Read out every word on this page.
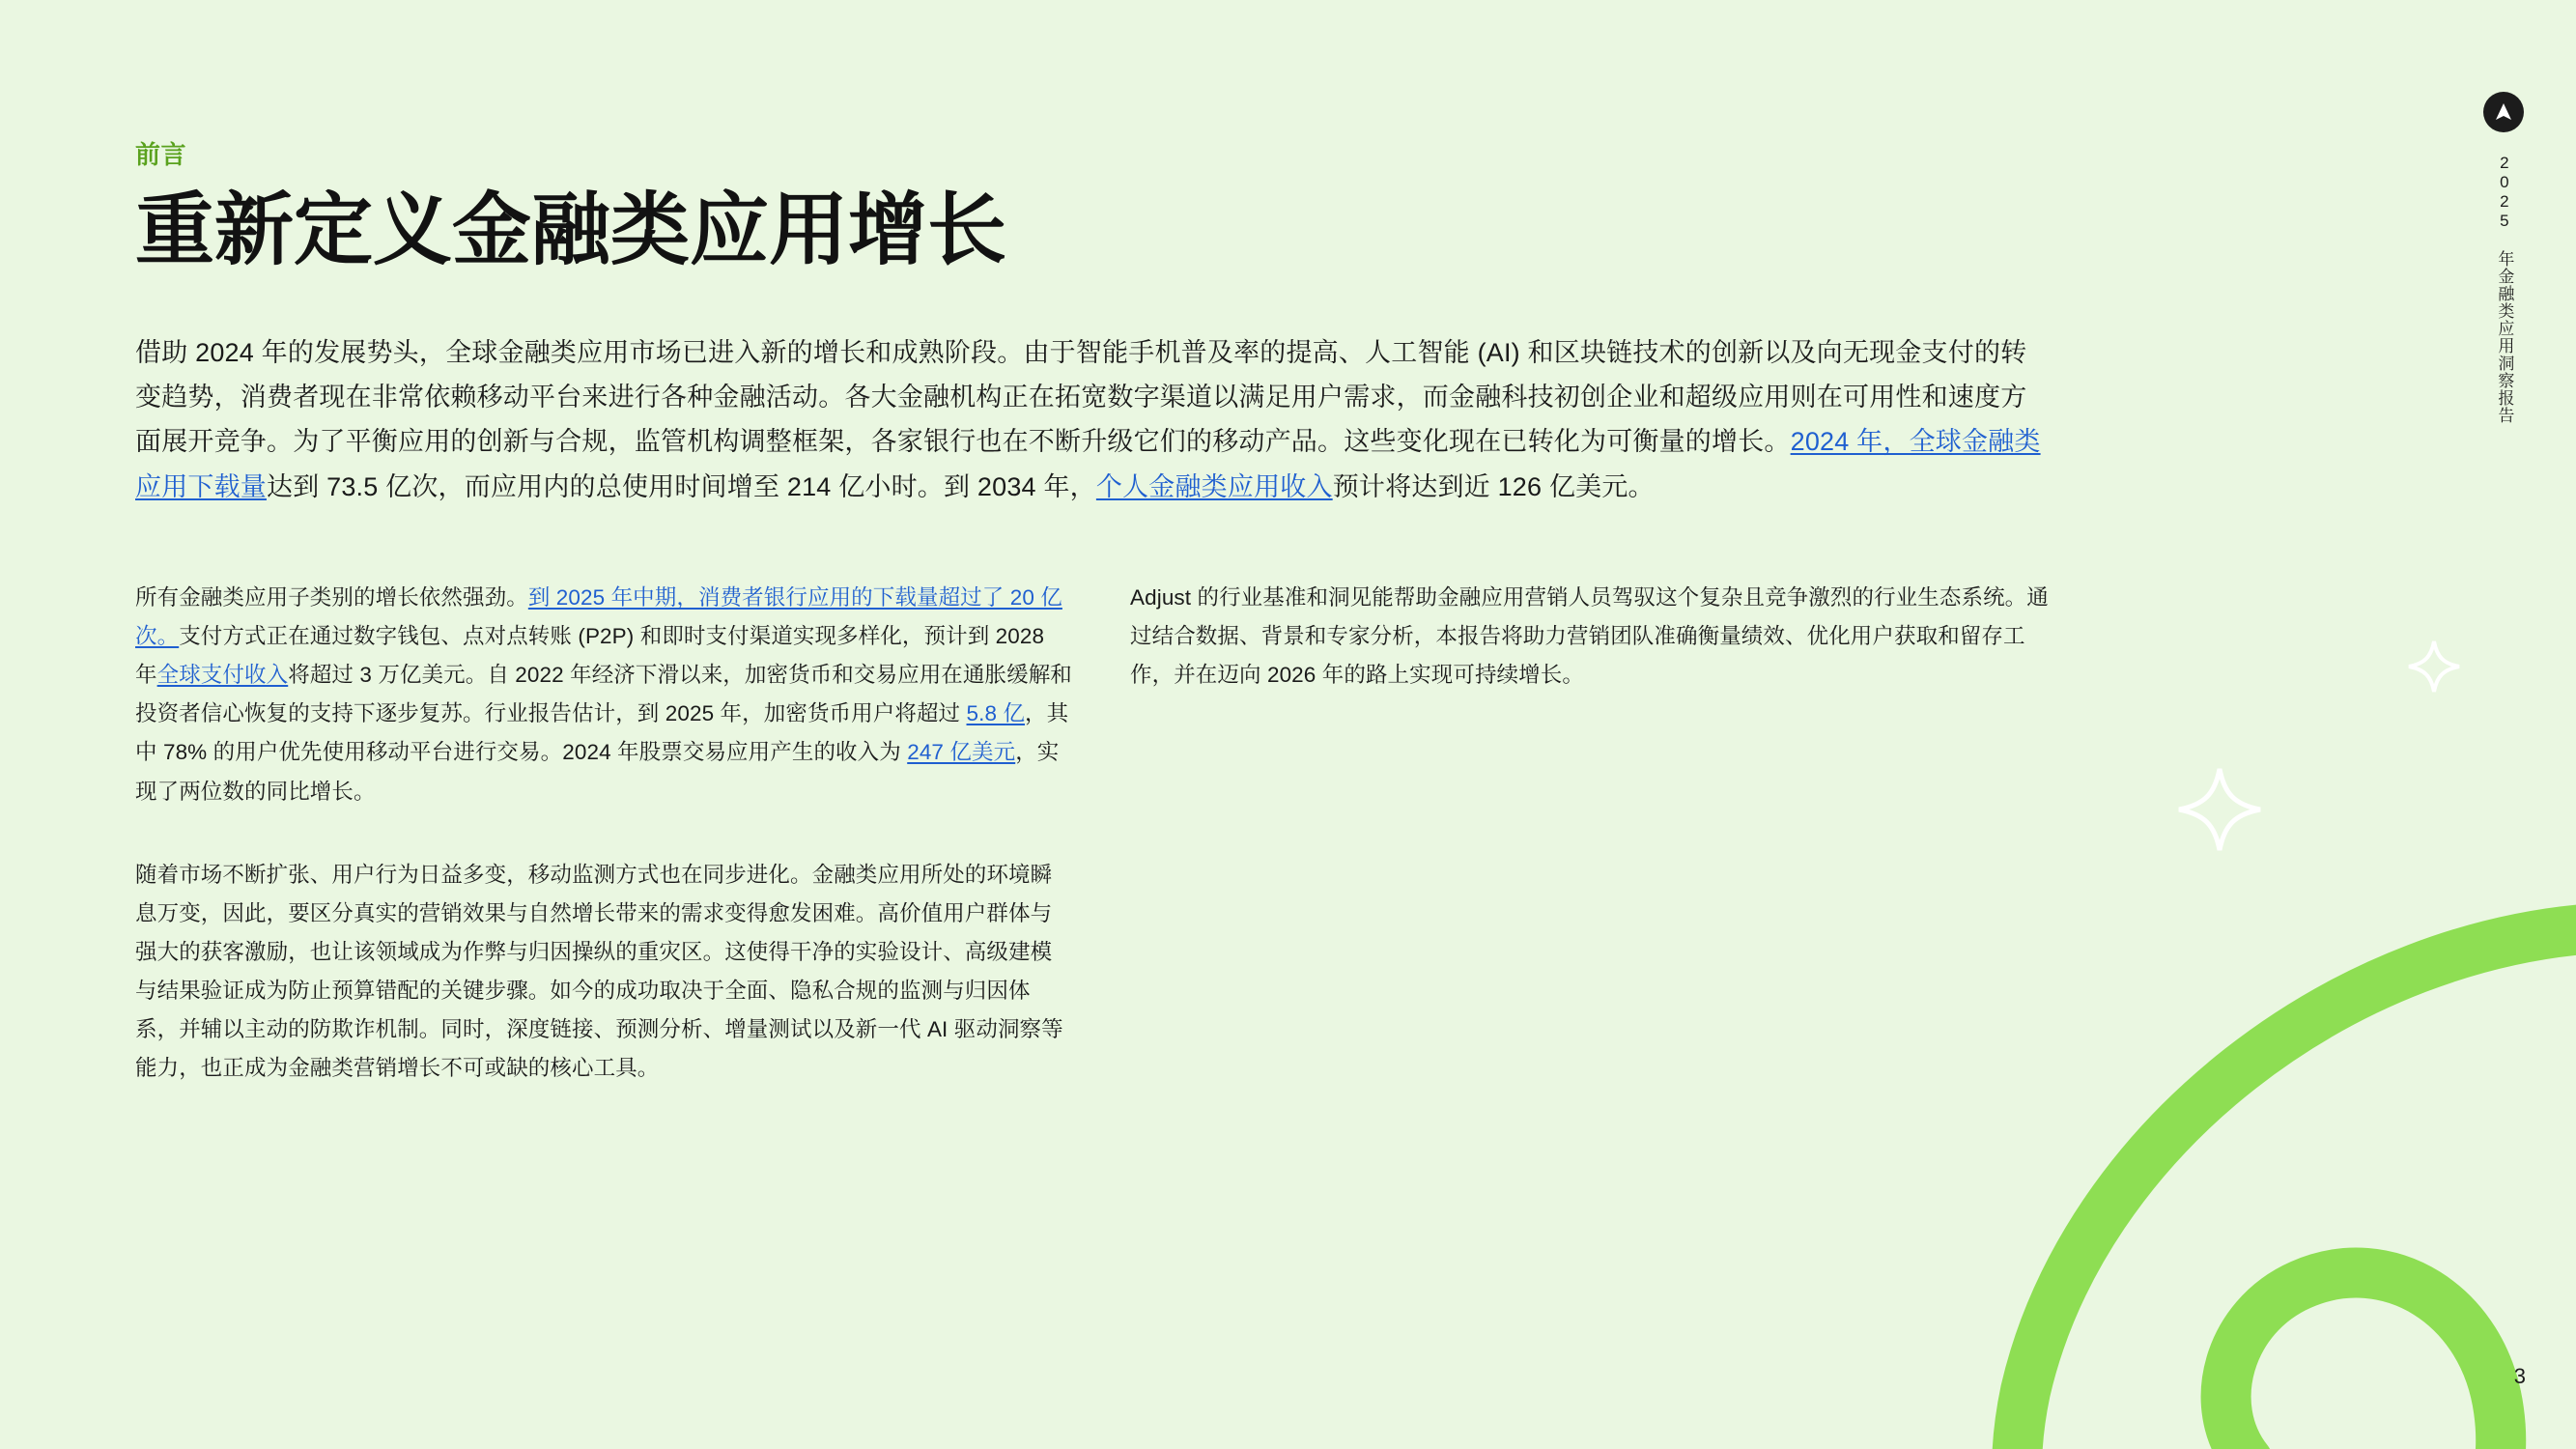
2025 年金融类应用洞察报告
前言
重新定义金融类应用增长

借助 2024 年的发展势头，全球金融类应用市场已进入新的增长和成熟阶段。由于智能手机普及率的提高、人工智能 (AI) 和区块链技术的创新以及向无现金支付的转变趋势，消费者现在非常依赖移动平台来进行各种金融活动。各大金融机构正在拓宽数字渠道以满足用户需求，而金融科技初创企业和超级应用则在可用性和速度方面展开竞争。为了平衡应用的创新与合规，监管机构调整框架，各家银行也在不断升级它们的移动产品。这些变化现在已转化为可衡量的增长。2024 年，全球金融类应用下载量达到 73.5 亿次，而应用内的总使用时间增至 214 亿小时。到 2034 年，个人金融类应用收入预计将达到近 126 亿美元。

所有金融类应用子类别的增长依然强劲。到 2025 年中期，消费者银行应用的下载量超过了 20 亿次。支付方式正在通过数字钱包、点对点转账 (P2P) 和即时支付渠道实现多样化，预计到 2028 年全球支付收入将超过 3 万亿美元。自 2022 年经济下滑以来，加密货币和交易应用在通胀缓解和投资者信心恢复的支持下逐步复苏。行业报告估计，到 2025 年，加密货币用户将超过 5.8 亿，其中 78% 的用户优先使用移动平台进行交易。2024 年股票交易应用产生的收入为 247 亿美元，实现了两位数的同比增长。

随着市场不断扩张、用户行为日益多变，移动监测方式也在同步进化。金融类应用所处的环境瞬息万变，因此，要区分真实的营销效果与自然增长带来的需求变得愈发困难。高价值用户群体与强大的获客激励，也让该领域成为作弊与归因操纵的重灾区。这使得干净的实验设计、高级建模与结果验证成为防止预算错配的关键步骤。如今的成功取决于全面、隐私合规的监测与归因体系，并辅以主动的防欺诈机制。同时，深度链接、预测分析、增量测试以及新一代 AI 驱动洞察等能力，也正成为金融类营销增长不可或缺的核心工具。

Adjust 的行业基准和洞见能帮助金融应用营销人员驾驭这个复杂且竞争激烈的行业生态系统。通过结合数据、背景和专家分析，本报告将助力营销团队准确衡量绩效、优化用户获取和留存工作，并在迈向 2026 年的路上实现可持续增长。

3
